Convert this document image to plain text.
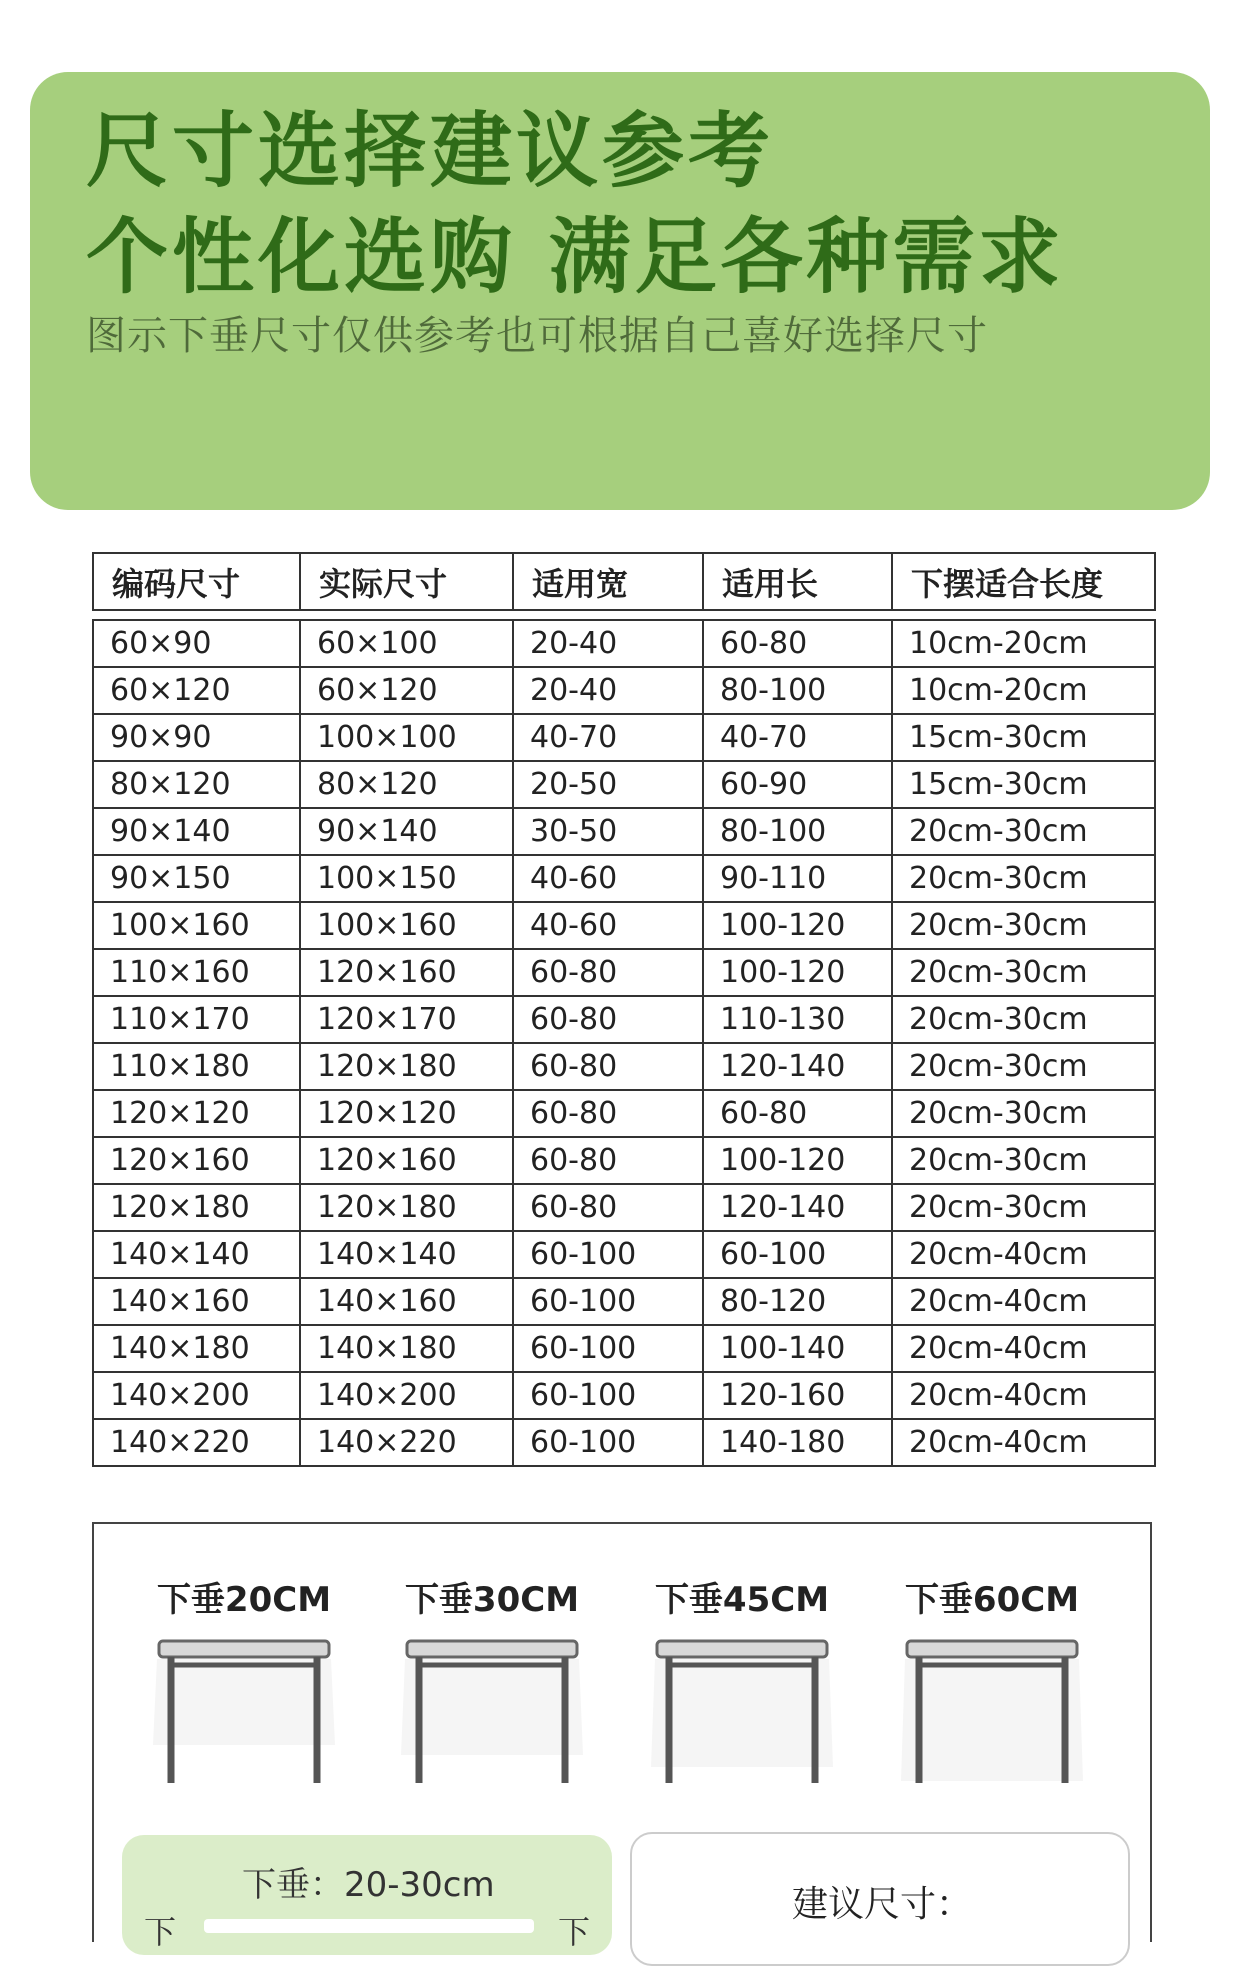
尺寸选择建议参考
个性化选购 满足各种需求
图示下垂尺寸仅供参考也可根据自己喜好选择尺寸
编码尺寸	实际尺寸	适用宽	适用长	下摆适合长度

60×90	60×100	20-40	60-80	10cm-20cm
60×120	60×120	20-40	80-100	10cm-20cm
90×90	100×100	40-70	40-70	15cm-30cm
80×120	80×120	20-50	60-90	15cm-30cm
90×140	90×140	30-50	80-100	20cm-30cm
90×150	100×150	40-60	90-110	20cm-30cm
100×160	100×160	40-60	100-120	20cm-30cm
110×160	120×160	60-80	100-120	20cm-30cm
110×170	120×170	60-80	110-130	20cm-30cm
110×180	120×180	60-80	120-140	20cm-30cm
120×120	120×120	60-80	60-80	20cm-30cm
120×160	120×160	60-80	100-120	20cm-30cm
120×180	120×180	60-80	120-140	20cm-30cm
140×140	140×140	60-100	60-100	20cm-40cm
140×160	140×160	60-100	80-120	20cm-40cm
140×180	140×180	60-100	100-140	20cm-40cm
140×200	140×200	60-100	120-160	20cm-40cm
140×220	140×220	60-100	140-180	20cm-40cm
下垂20CM	下垂30CM	下垂45CM	下垂60CM
下垂：20-30cm
下	下
建议尺寸：
